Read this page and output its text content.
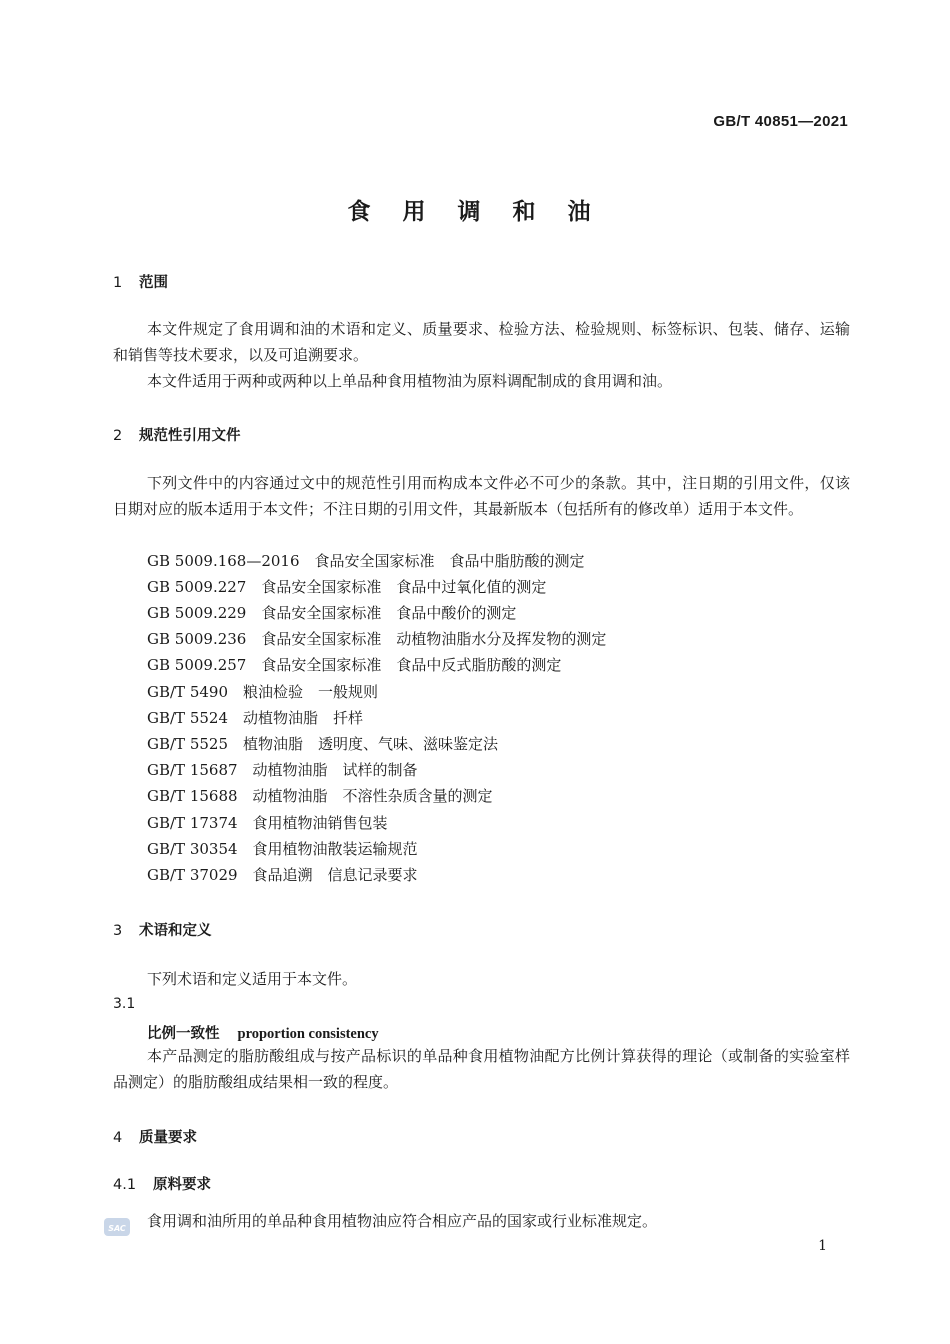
GB/T 40851—2021
食 用 调 和 油
1 范围
本文件规定了食用调和油的术语和定义、质量要求、检验方法、检验规则、标签标识、包装、储存、运输和销售等技术要求，以及可追溯要求。
本文件适用于两种或两种以上单品种食用植物油为原料调配制成的食用调和油。
2 规范性引用文件
下列文件中的内容通过文中的规范性引用而构成本文件必不可少的条款。其中，注日期的引用文件，仅该日期对应的版本适用于本文件；不注日期的引用文件，其最新版本（包括所有的修改单）适用于本文件。
GB 5009.168—2016　食品安全国家标准　食品中脂肪酸的测定
GB 5009.227　食品安全国家标准　食品中过氧化值的测定
GB 5009.229　食品安全国家标准　食品中酸价的测定
GB 5009.236　食品安全国家标准　动植物油脂水分及挥发物的测定
GB 5009.257　食品安全国家标准　食品中反式脂肪酸的测定
GB/T 5490　粮油检验　一般规则
GB/T 5524　动植物油脂　扦样
GB/T 5525　植物油脂　透明度、气味、滋味鉴定法
GB/T 15687　动植物油脂　试样的制备
GB/T 15688　动植物油脂　不溶性杂质含量的测定
GB/T 17374　食用植物油销售包装
GB/T 30354　食用植物油散装运输规范
GB/T 37029　食品追溯　信息记录要求
3 术语和定义
下列术语和定义适用于本文件。
3.1
比例一致性 proportion consistency
本产品测定的脂肪酸组成与按产品标识的单品种食用植物油配方比例计算获得的理论（或制备的实验室样品测定）的脂肪酸组成结果相一致的程度。
4 质量要求
4.1 原料要求
食用调和油所用的单品种食用植物油应符合相应产品的国家或行业标准规定。
SAC
1
